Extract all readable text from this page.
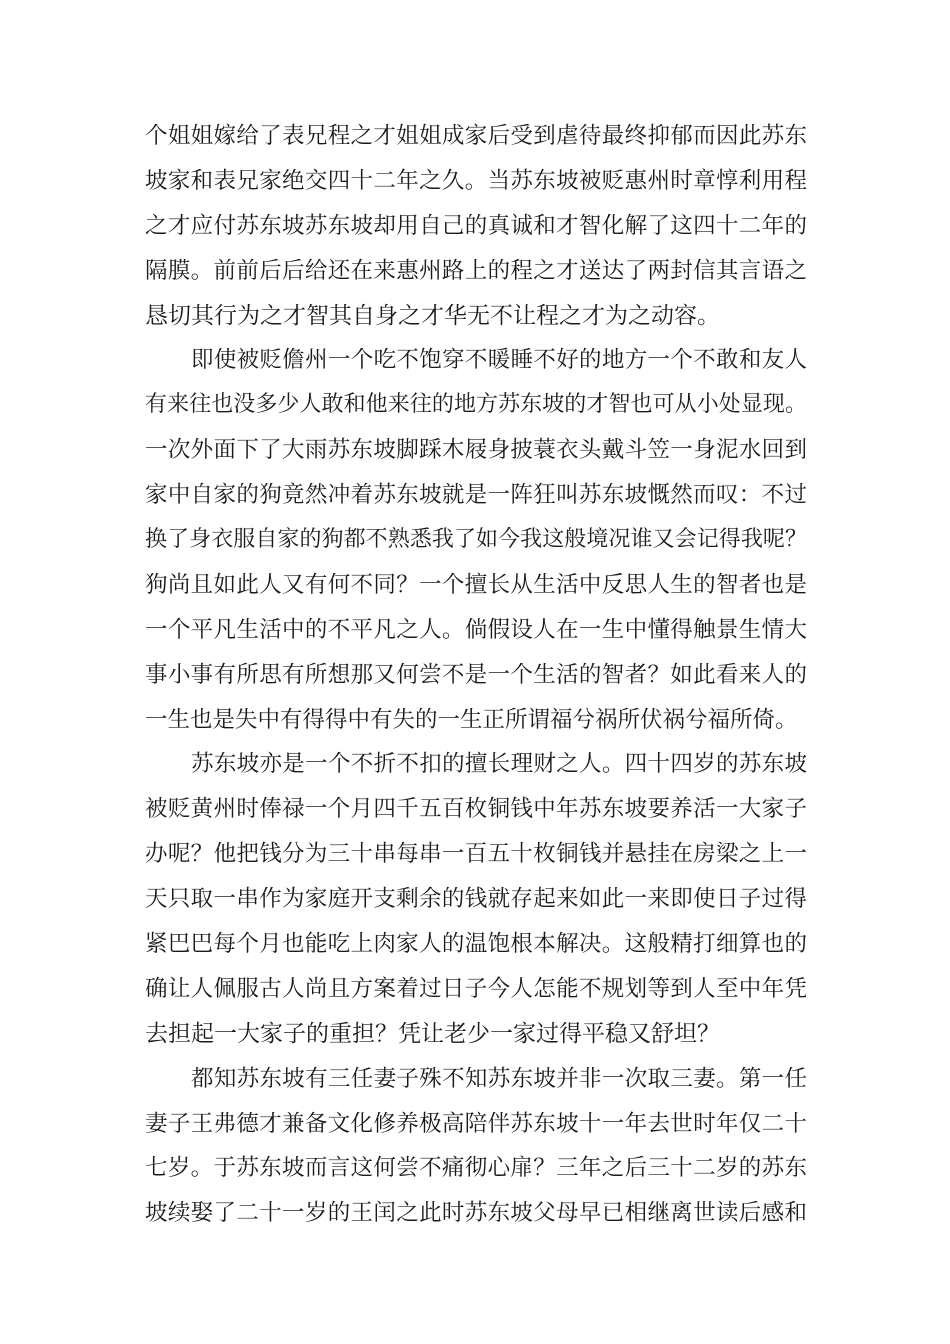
个姐姐嫁给了表兄程之才姐姐成家后受到虐待最终抑郁而因此苏东
坡家和表兄家绝交四十二年之久。当苏东坡被贬惠州时章惇利用程
之才应付苏东坡苏东坡却用自己的真诚和才智化解了这四十二年的
隔膜。前前后后给还在来惠州路上的程之才送达了两封信其言语之
恳切其行为之才智其自身之才华无不让程之才为之动容。
即使被贬儋州一个吃不饱穿不暖睡不好的地方一个不敢和友人
有来往也没多少人敢和他来往的地方苏东坡的才智也可从小处显现。
一次外面下了大雨苏东坡脚踩木屐身披蓑衣头戴斗笠一身泥水回到
家中自家的狗竟然冲着苏东坡就是一阵狂叫苏东坡慨然而叹：不过
换了身衣服自家的狗都不熟悉我了如今我这般境况谁又会记得我呢？
狗尚且如此人又有何不同？一个擅长从生活中反思人生的智者也是
一个平凡生活中的不平凡之人。倘假设人在一生中懂得触景生情大
事小事有所思有所想那又何尝不是一个生活的智者？如此看来人的
一生也是失中有得得中有失的一生正所谓福兮祸所伏祸兮福所倚。
苏东坡亦是一个不折不扣的擅长理财之人。四十四岁的苏东坡
被贬黄州时俸禄一个月四千五百枚铜钱中年苏东坡要养活一大家子
办呢？他把钱分为三十串每串一百五十枚铜钱并悬挂在房梁之上一
天只取一串作为家庭开支剩余的钱就存起来如此一来即使日子过得
紧巴巴每个月也能吃上肉家人的温饱根本解决。这般精打细算也的
确让人佩服古人尚且方案着过日子今人怎能不规划等到人至中年凭
去担起一大家子的重担？凭让老少一家过得平稳又舒坦？
都知苏东坡有三任妻子殊不知苏东坡并非一次取三妻。第一任
妻子王弗德才兼备文化修养极高陪伴苏东坡十一年去世时年仅二十
七岁。于苏东坡而言这何尝不痛彻心扉？三年之后三十二岁的苏东
坡续娶了二十一岁的王闰之此时苏东坡父母早已相继离世读后感和
